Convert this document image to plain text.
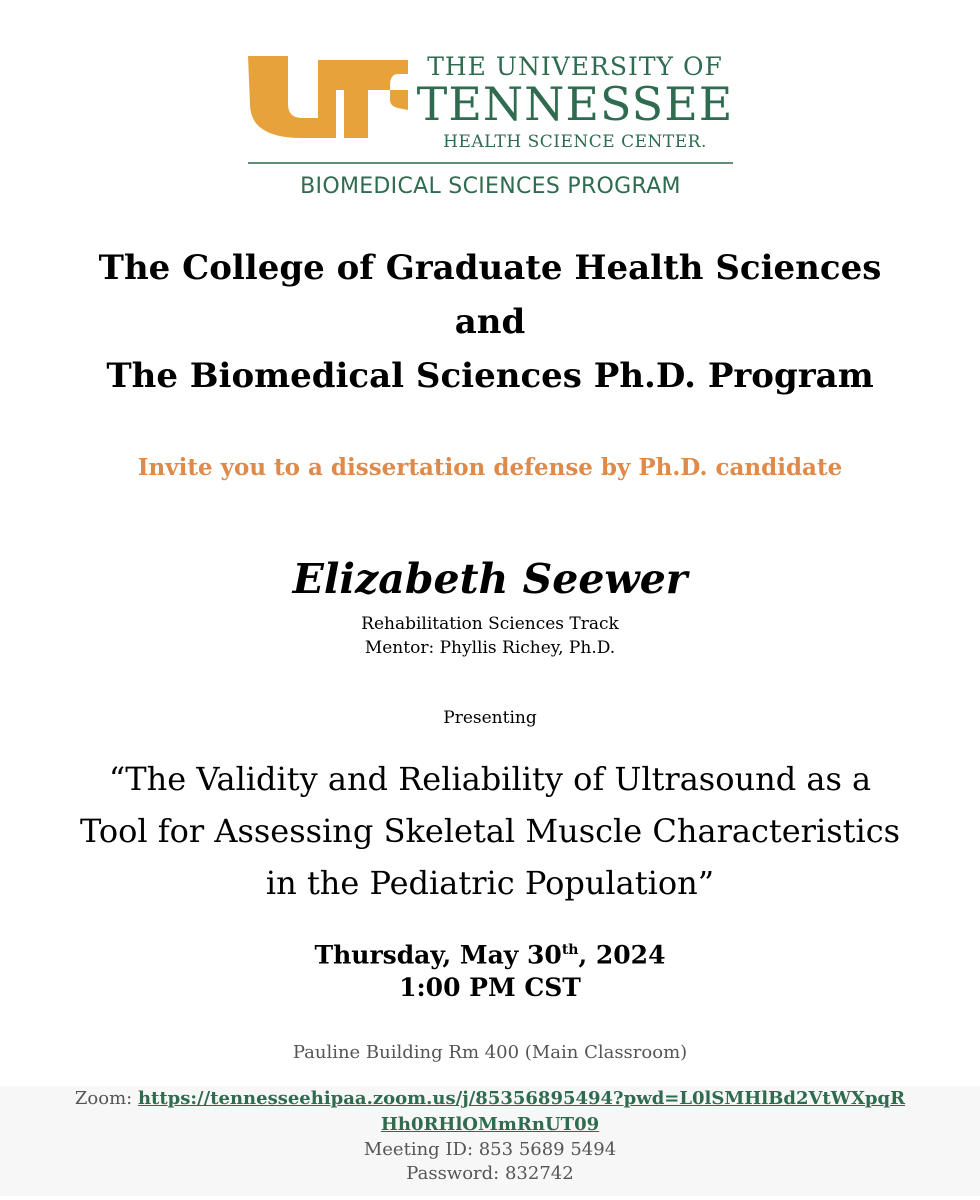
THE UNIVERSITY OF
TENNESSEE
HEALTH SCIENCE CENTER.
BIOMEDICAL SCIENCES PROGRAM
The College of Graduate Health Sciences
and
The Biomedical Sciences Ph.D. Program
Invite you to a dissertation defense by Ph.D. candidate
Elizabeth Seewer
Rehabilitation Sciences Track
Mentor: Phyllis Richey, Ph.D.
Presenting
“The Validity and Reliability of Ultrasound as a
Tool for Assessing Skeletal Muscle Characteristics
in the Pediatric Population”
Thursday, May 30th, 2024
1:00 PM CST
Pauline Building Rm 400 (Main Classroom)
Zoom: https://tennesseehipaa.zoom.us/j/85356895494?pwd=L0lSMHlBd2VtWXpqR
Hh0RHlOMmRnUT09
Meeting ID: 853 5689 5494
Password: 832742
